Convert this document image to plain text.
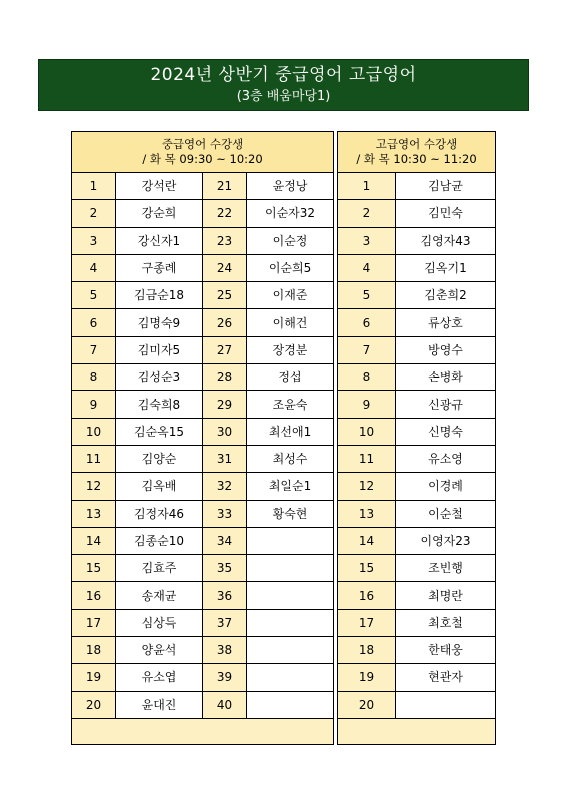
2024년 상반기 중급영어 고급영어
(3층 배움마당1)
중급영어 수강생
/ 화 목 09:30 ~ 10:20			

1	강석란	21	윤정낭
2	강순희	22	이순자32
3	강신자1	23	이순정
4	구종례	24	이순희5
5	김금순18	25	이재준
6	김명숙9	26	이해건
7	김미자5	27	장경분
8	김성순3	28	정섭
9	김숙희8	29	조윤숙
10	김순옥15	30	최선애1
11	김양순	31	최성수
12	김옥배	32	최일순1
13	김정자46	33	황숙현
14	김종순10	34	
15	김효주	35	
16	송재균	36	
17	심상득	37	
18	양윤석	38	
19	유소엽	39	
20	윤대진	40	

고급영어 수강생
/ 화 목 10:30 ~ 11:20	

1	김남균
2	김민숙
3	김영자43
4	김옥기1
5	김춘희2
6	류상호
7	방영수
8	손병화
9	신광규
10	신명숙
11	유소영
12	이경례
13	이순철
14	이영자23
15	조빈행
16	최명란
17	최호철
18	한태웅
19	현관자
20	
